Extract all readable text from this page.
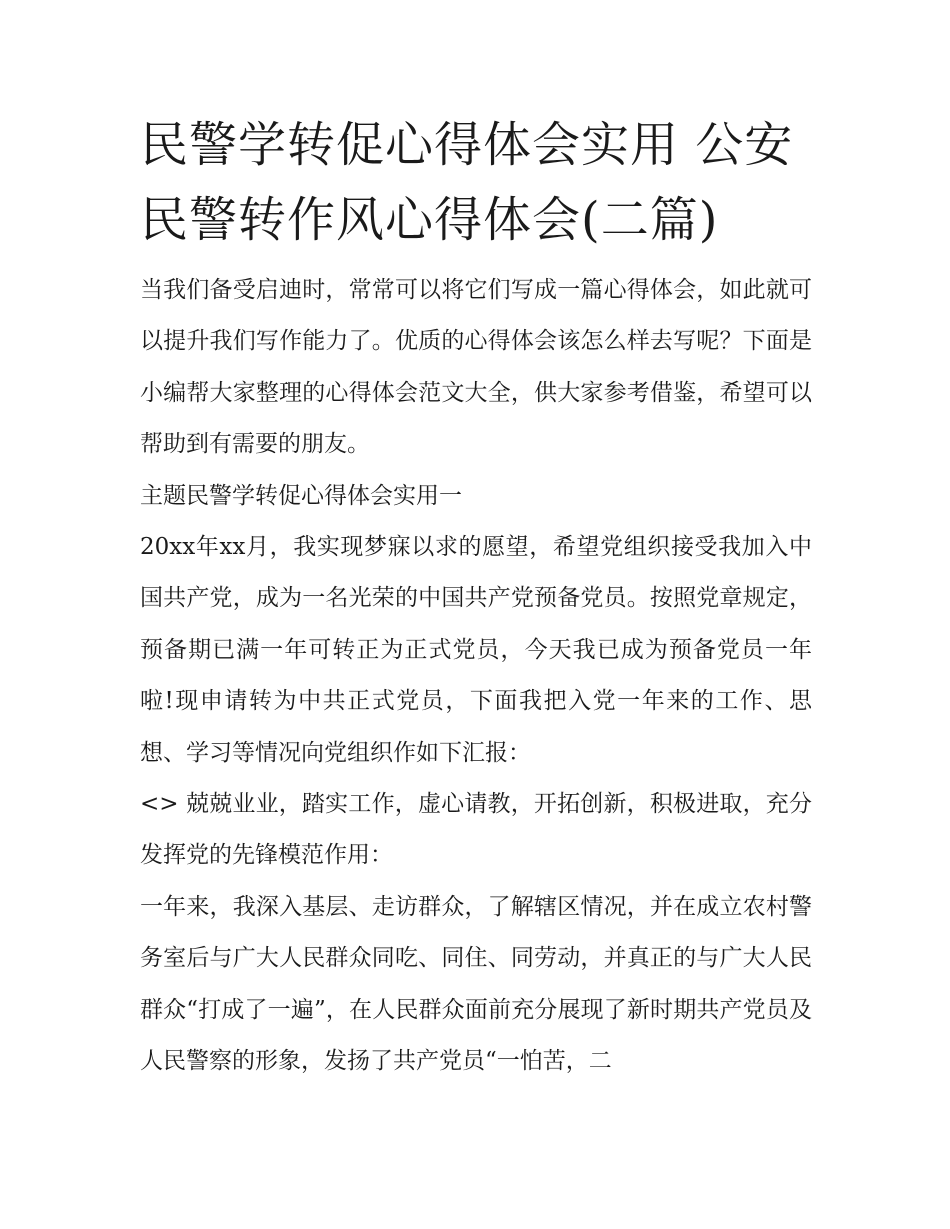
民警学转促心得体会实用 公安民警转作风心得体会(二篇)

当我们备受启迪时，常常可以将它们写成一篇心得体会，如此就可以提升我们写作能力了。优质的心得体会该怎么样去写呢？下面是小编帮大家整理的心得体会范文大全，供大家参考借鉴，希望可以帮助到有需要的朋友。

主题民警学转促心得体会实用一

20xx年xx月，我实现梦寐以求的愿望，希望党组织接受我加入中国共产党，成为一名光荣的中国共产党预备党员。按照党章规定，预备期已满一年可转正为正式党员，今天我已成为预备党员一年啦!现申请转为中共正式党员，下面我把入党一年来的工作、思想、学习等情况向党组织作如下汇报：

<> 兢兢业业，踏实工作，虚心请教，开拓创新，积极进取，充分发挥党的先锋模范作用：

一年来，我深入基层、走访群众，了解辖区情况，并在成立农村警务室后与广大人民群众同吃、同住、同劳动，并真正的与广大人民群众“打成了一遍”，在人民群众面前充分展现了新时期共产党员及人民警察的形象，发扬了共产党员“一怕苦，二
